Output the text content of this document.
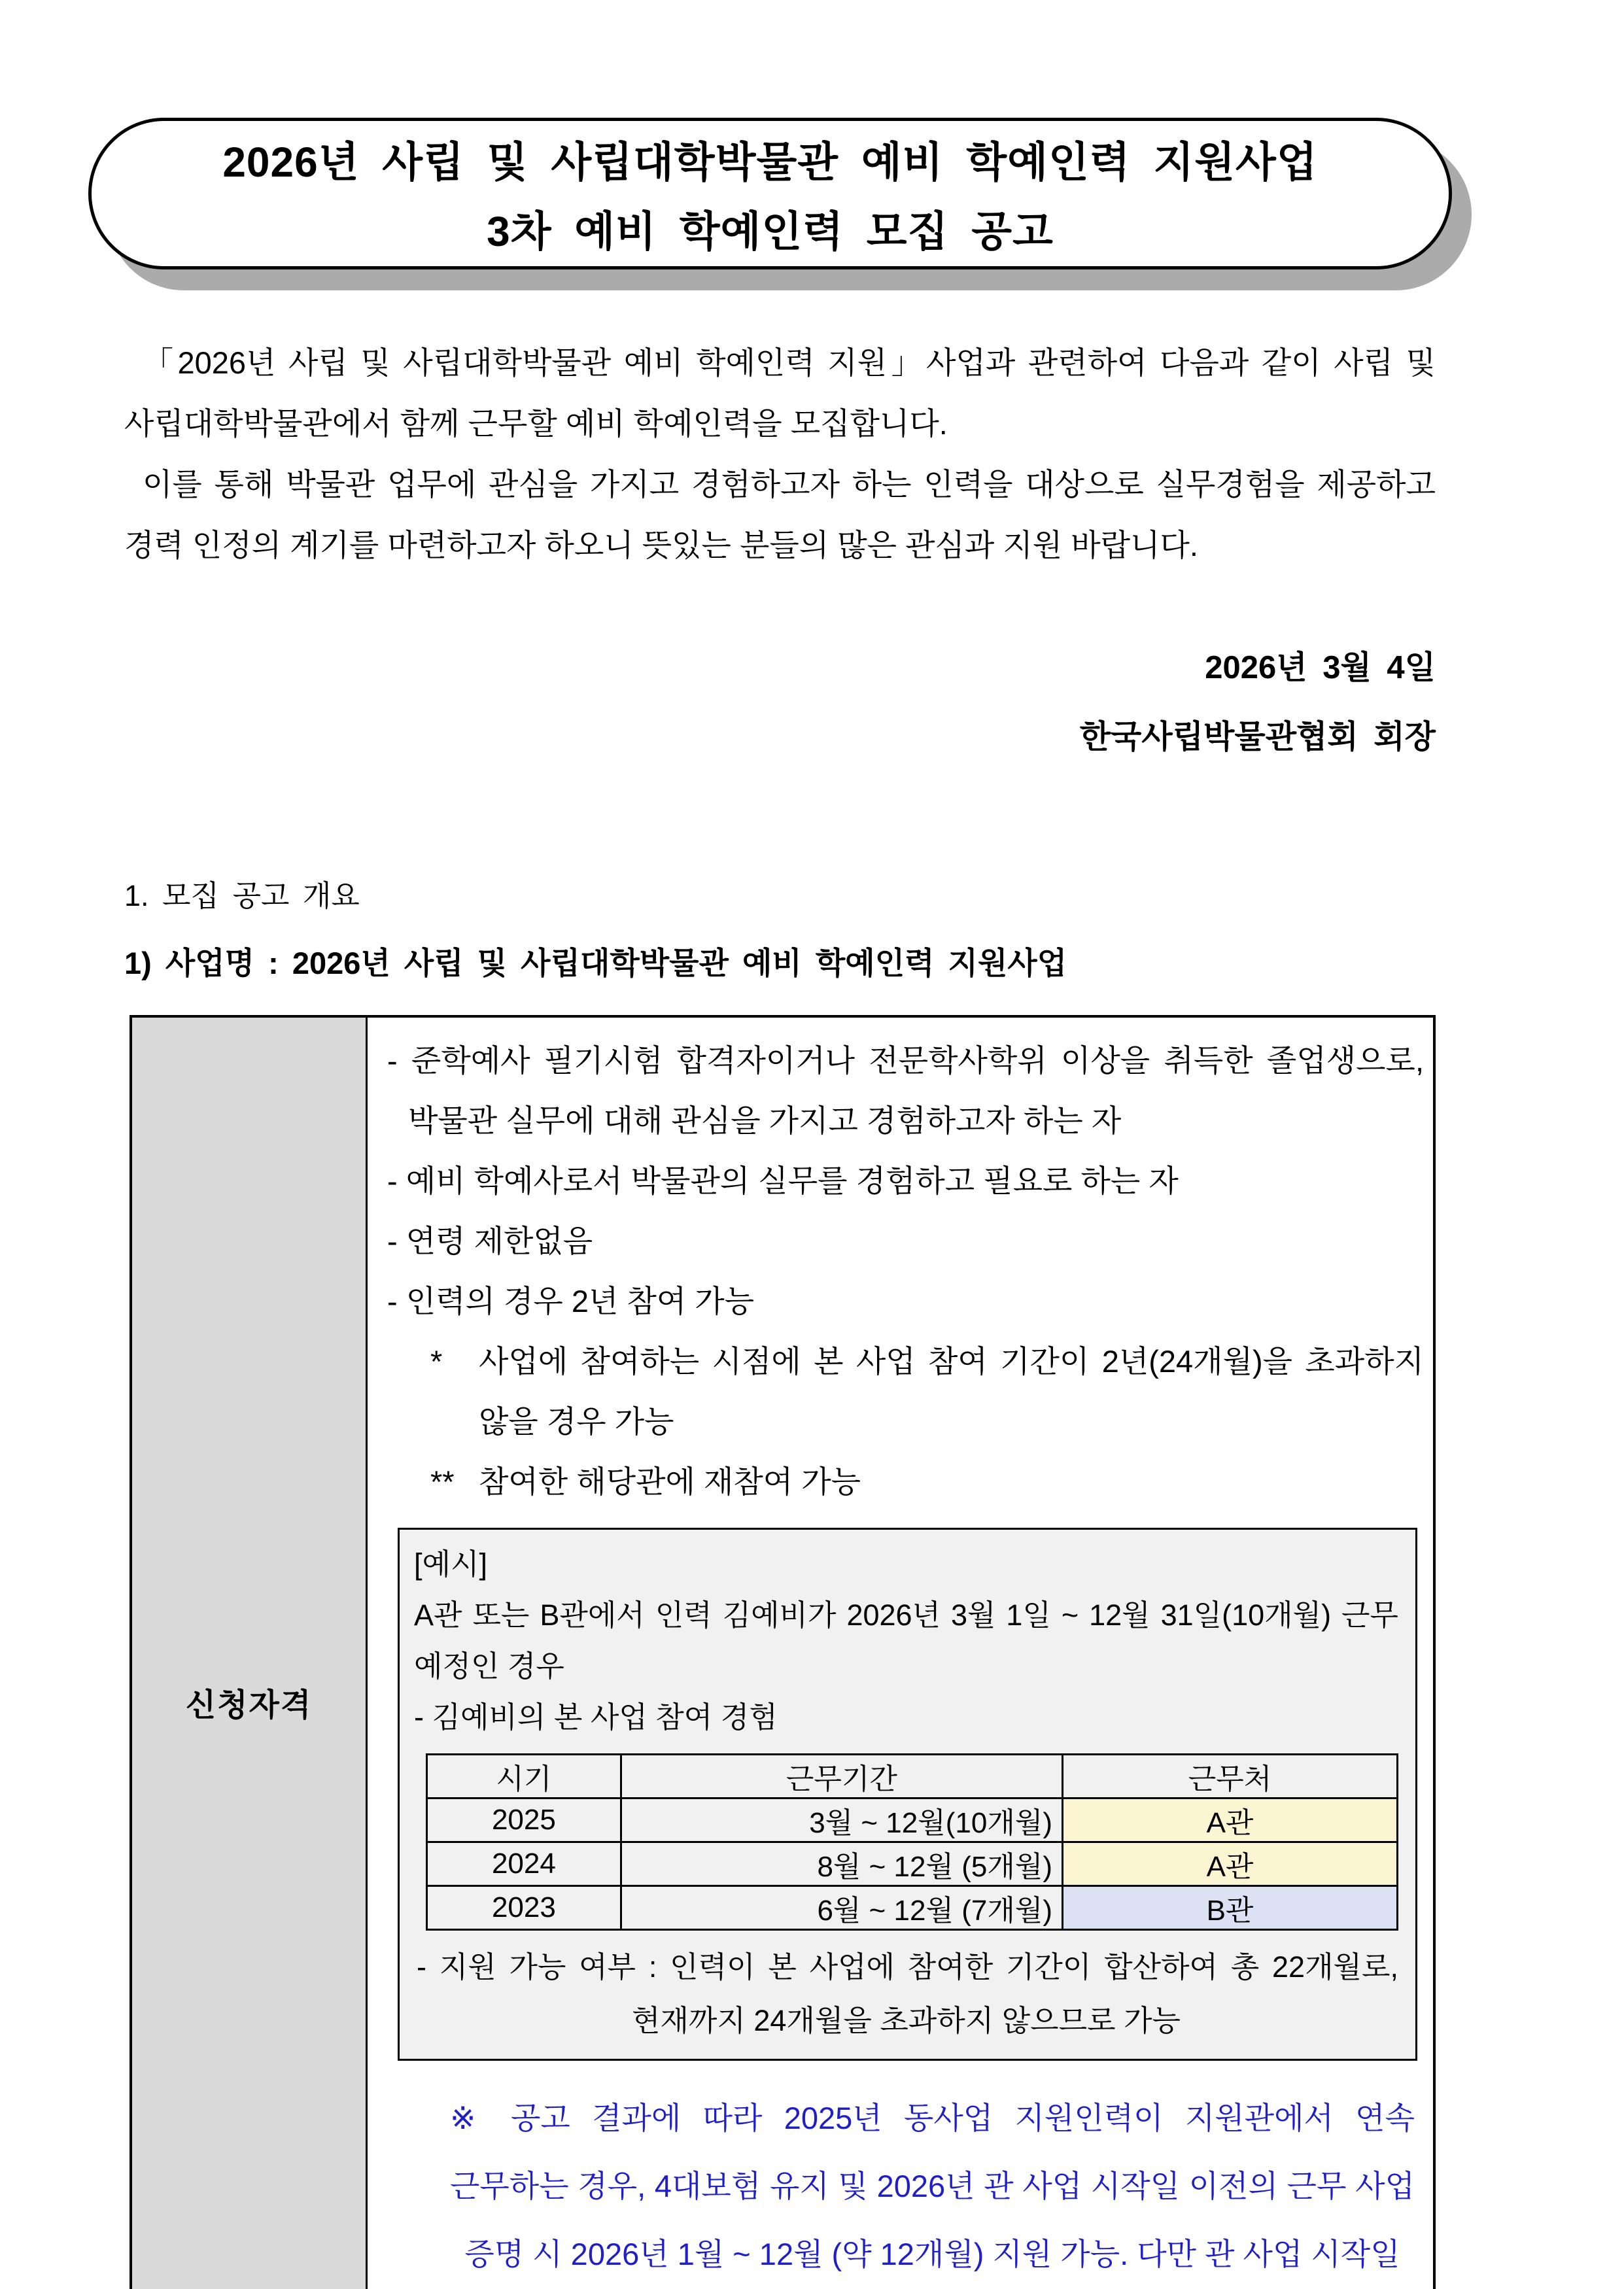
2026년 사립 및 사립대학박물관 예비 학예인력 지원사업
3차 예비 학예인력 모집 공고

「2026년 사립 및 사립대학박물관 예비 학예인력 지원」사업과 관련하여 다음과 같이 사립 및 사립대학박물관에서 함께 근무할 예비 학예인력을 모집합니다.

이를 통해 박물관 업무에 관심을 가지고 경험하고자 하는 인력을 대상으로 실무경험을 제공하고 경력 인정의 계기를 마련하고자 하오니 뜻있는 분들의 많은 관심과 지원 바랍니다.

2026년 3월 4일
한국사립박물관협회 회장
1. 모집 공고 개요
1) 사업명 : 2026년 사립 및 사립대학박물관 예비 학예인력 지원사업
신청자격
- 준학예사 필기시험 합격자이거나 전문학사학위 이상을 취득한 졸업생으로, 박물관 실무에 대해 관심을 가지고 경험하고자 하는 자
- 예비 학예사로서 박물관의 실무를 경험하고 필요로 하는 자
- 연령 제한없음
- 인력의 경우 2년 참여 가능
*	사업에 참여하는 시점에 본 사업 참여 기간이 2년(24개월)을 초과하지 않을 경우 가능
** 참여한 해당관에 재참여 가능
[예시]
A관 또는 B관에서 인력 김예비가 2026년 3월 1일 ~ 12월 31일(10개월) 근무 예정인 경우
- 김예비의 본 사업 참여 경험
시기	근무기간	근무처
2025	3월 ~ 12월(10개월)	A관
2024	8월 ~ 12월 (5개월)	A관
2023	6월 ~ 12월 (7개월)	B관
- 지원 가능 여부 : 인력이 본 사업에 참여한 기간이 합산하여 총 22개월로,
현재까지 24개월을 초과하지 않으므로 가능
※ 공고 결과에 따라 2025년 동사업 지원인력이 지원관에서 연속 근무하는 경우, 4대보험 유지 및 2026년 관 사업 시작일 이전의 근무 사업 증명 시 2026년 1월 ~ 12월 (약 12개월) 지원 가능. 다만 관 사업 시작일
